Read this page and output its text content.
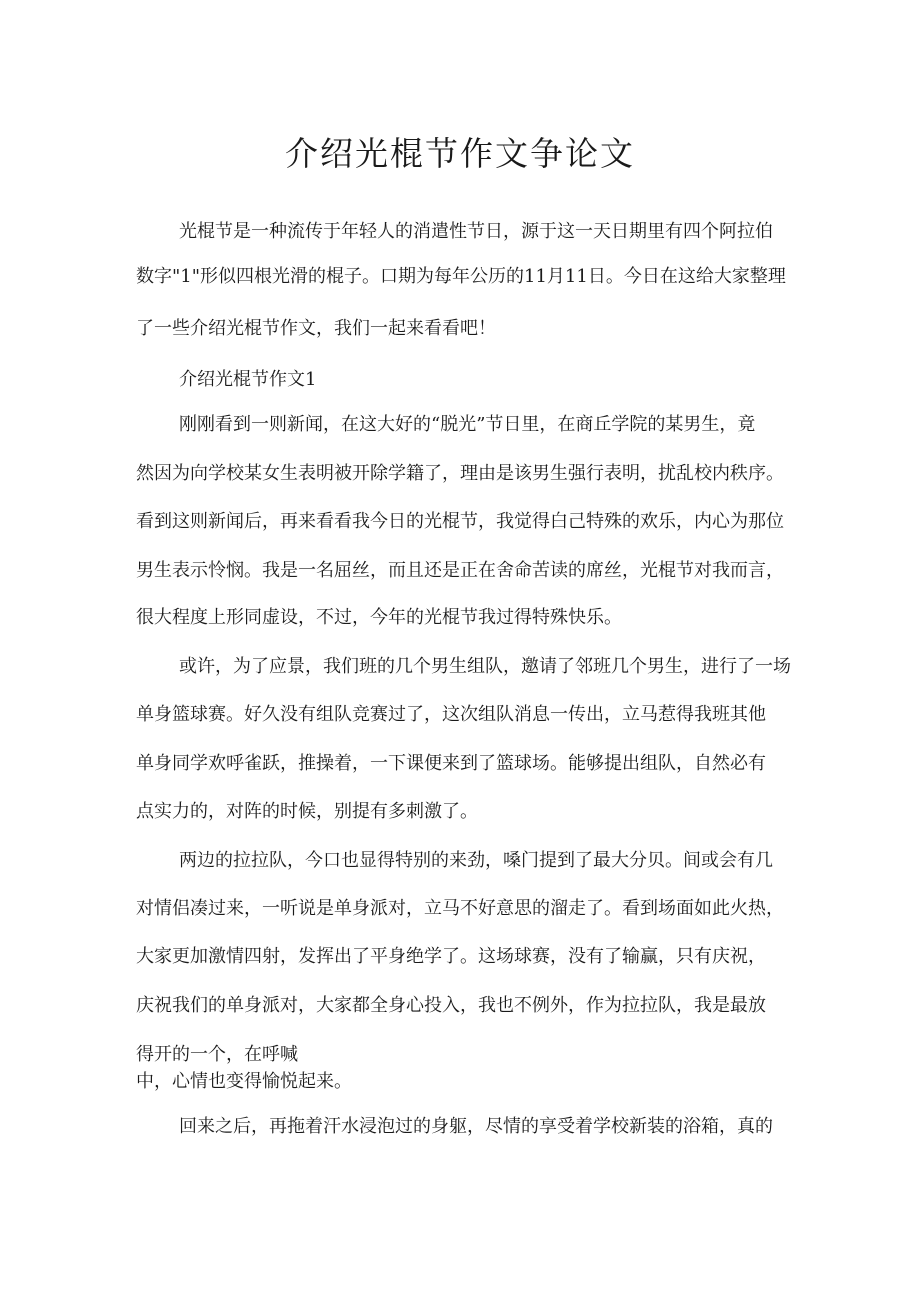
介绍光棍节作文争论文

光棍节是一种流传于年轻人的消遣性节日，源于这一天日期里有四个阿拉伯

数字"1"形似四根光滑的棍子。口期为每年公历的11月11日。今日在这给大家整理

了一些介绍光棍节作文，我们一起来看看吧！

介绍光棍节作文1

刚刚看到一则新闻，在这大好的“脱光”节日里，在商丘学院的某男生，竟

然因为向学校某女生表明被开除学籍了，理由是该男生强行表明，扰乱校内秩序。

看到这则新闻后，再来看看我今日的光棍节，我觉得白己特殊的欢乐，内心为那位

男生表示怜悯。我是一名屈丝，而且还是正在舍命苦读的席丝，光棍节对我而言，

很大程度上形同虚设，不过，今年的光棍节我过得特殊快乐。

或许，为了应景，我们班的几个男生组队，邀请了邻班几个男生，进行了一场

单身篮球赛。好久没有组队竞赛过了，这次组队消息一传出，立马惹得我班其他

单身同学欢呼雀跃，推操着，一下课便来到了篮球场。能够提出组队，自然必有

点实力的，对阵的时候，别提有多刺激了。

两边的拉拉队，今口也显得特别的来劲，嗓门提到了最大分贝。间或会有几

对情侣凑过来，一听说是单身派对，立马不好意思的溜走了。看到场面如此火热，

大家更加激情四射，发挥出了平身绝学了。这场球赛，没有了输赢，只有庆祝，

庆祝我们的单身派对，大家都全身心投入，我也不例外，作为拉拉队，我是最放

得开的一个，在呼喊

中，心情也变得愉悦起来。

回来之后，再拖着汗水浸泡过的身躯，尽情的享受着学校新装的浴箱，真的
